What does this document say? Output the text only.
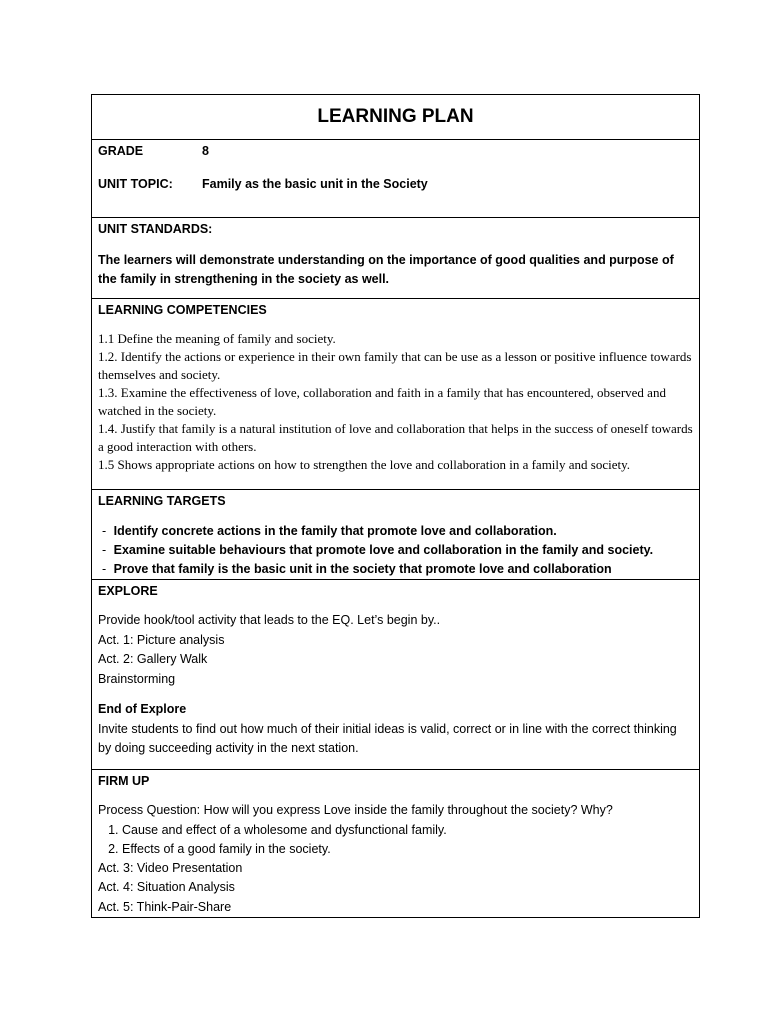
LEARNING PLAN

GRADE	8
UNIT TOPIC:	Family as the basic unit in the Society

UNIT STANDARDS:
The learners will demonstrate understanding on the importance of good qualities and purpose of the family in strengthening in the society as well.

LEARNING COMPETENCIES
1.1 Define the meaning of family and society.
1.2. Identify the actions or experience in their own family that can be use as a lesson or positive influence towards themselves and society.
1.3. Examine the effectiveness of love, collaboration and faith in a family that has encountered, observed and watched in the society.
1.4. Justify that family is a natural institution of love and collaboration that helps in the success of oneself towards a good interaction with others.
1.5 Shows appropriate actions on how to strengthen the love and collaboration in a family and society.

LEARNING TARGETS
- Identify concrete actions in the family that promote love and collaboration.
- Examine suitable behaviours that promote love and collaboration in the family and society.
- Prove that family is the basic unit in the society that promote love and collaboration

EXPLORE
Provide hook/tool activity that leads to the EQ. Let’s begin by..
Act. 1: Picture analysis
Act. 2: Gallery Walk
Brainstorming
End of Explore
Invite students to find out how much of their initial ideas is valid, correct or in line with the correct thinking by doing succeeding activity in the next station.

FIRM UP
Process Question: How will you express Love inside the family throughout the society? Why?
1. Cause and effect of a wholesome and dysfunctional family.
2. Effects of a good family in the society.
Act. 3: Video Presentation
Act. 4: Situation Analysis
Act. 5: Think-Pair-Share
